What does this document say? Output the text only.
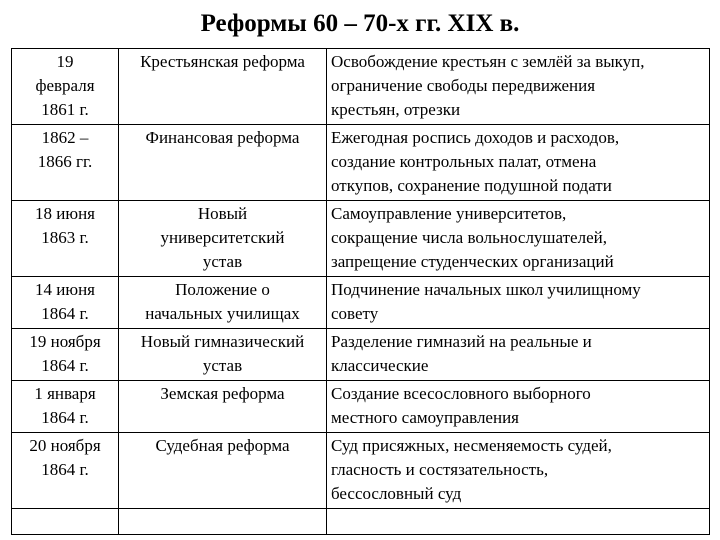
Реформы 60 – 70-х гг. XIX в.
19
февраля
1861 г.	Крестьянская реформа	Освобождение крестьян с землёй за выкуп,
ограничение свободы передвижения
крестьян, отрезки

1862 –
1866 гг.	Финансовая реформа	Ежегодная роспись доходов и расходов,
создание контрольных палат, отмена
откупов, сохранение подушной подати

18 июня
1863 г.	Новый
университетский
устав	Самоуправление университетов,
сокращение числа вольнослушателей,
запрещение студенческих организаций

14 июня
1864 г.	Положение о
начальных училищах	Подчинение начальных школ училищному
совету

19 ноября
1864 г.	Новый гимназический
устав	Разделение гимназий на реальные и
классические

1 января
1864 г.	Земская реформа	Создание всесословного выборного
местного самоуправления

20 ноября
1864 г.	Судебная реформа	Суд присяжных, несменяемость судей,
гласность и состязательность,
бессословный суд
